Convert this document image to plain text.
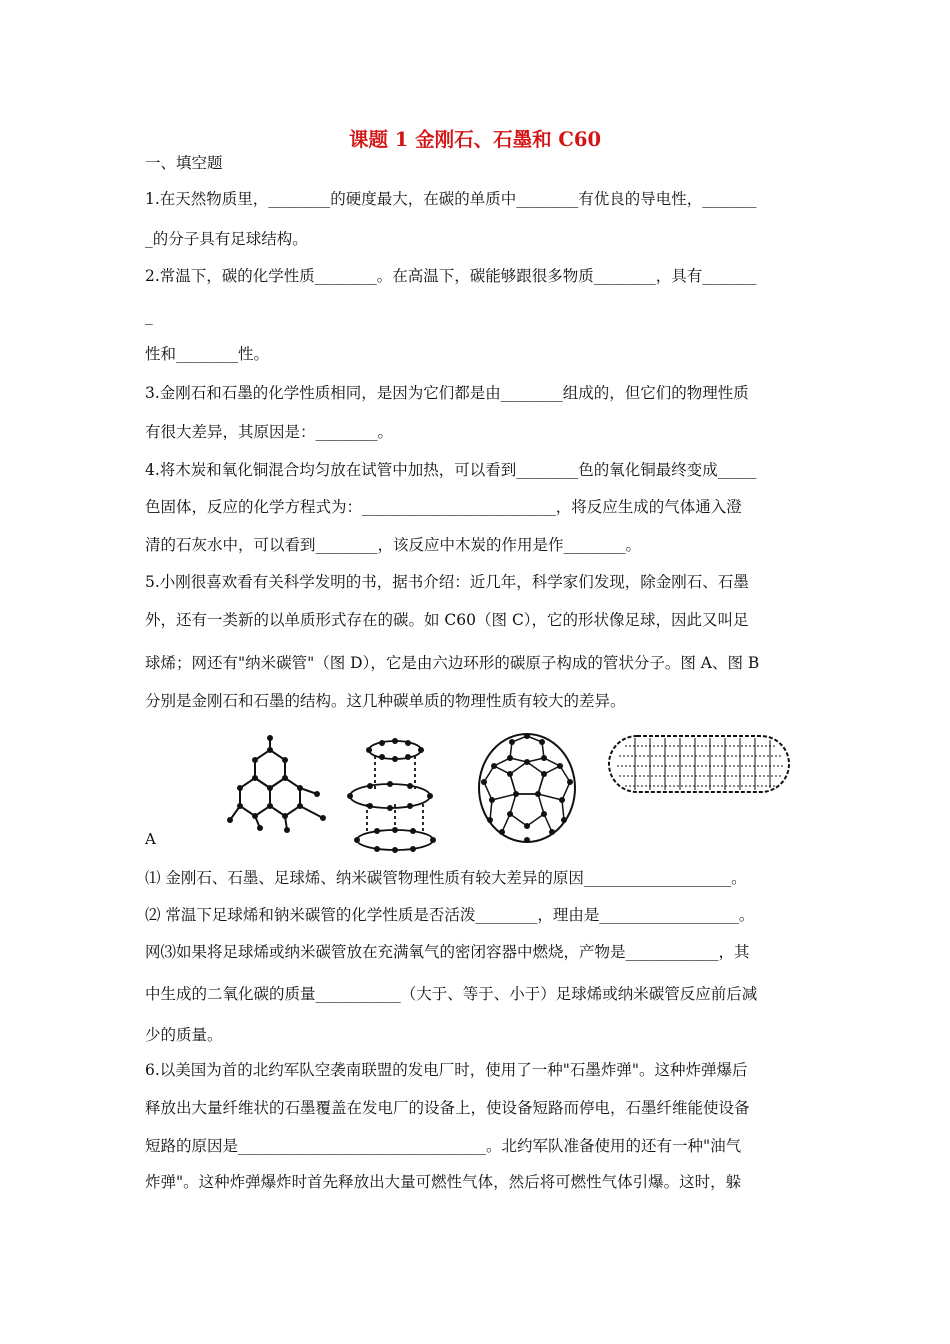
课题 1 金刚石、石墨和 C60
一、填空题
1.在天然物质里，________的硬度最大，在碳的单质中________有优良的导电性，_______
_的分子具有足球结构。
2.常温下，碳的化学性质________。在高温下，碳能够跟很多物质________，具有_______
_
性和________性。
3.金刚石和石墨的化学性质相同，是因为它们都是由________组成的，但它们的物理性质
有很大差异，其原因是：________。
4.将木炭和氧化铜混合均匀放在试管中加热，可以看到________色的氧化铜最终变成_____
色固体，反应的化学方程式为：_________________________，将反应生成的气体通入澄
清的石灰水中，可以看到________，该反应中木炭的作用是作________。
5.小刚很喜欢看有关科学发明的书，据书介绍：近几年，科学家们发现，除金刚石、石墨
外，还有一类新的以单质形式存在的碳。如 C60（图 C），它的形状像足球，因此又叫足
球烯；网还有"纳米碳管"（图 D），它是由六边环形的碳原子构成的管状分子。图 A、图 B
分别是金刚石和石墨的结构。这几种碳单质的物理性质有较大的差异。
A
⑴ 金刚石、石墨、足球烯、纳米碳管物理性质有较大差异的原因___________________。
⑵ 常温下足球烯和钠米碳管的化学性质是否活泼________，理由是__________________。
网⑶如果将足球烯或纳米碳管放在充满氧气的密闭容器中燃烧，产物是____________，其
中生成的二氧化碳的质量___________（大于、等于、小于）足球烯或纳米碳管反应前后减
少的质量。
6.以美国为首的北约军队空袭南联盟的发电厂时，使用了一种"石墨炸弹"。这种炸弹爆后
释放出大量纤维状的石墨覆盖在发电厂的设备上，使设备短路而停电，石墨纤维能使设备
短路的原因是________________________________。北约军队准备使用的还有一种"油气
炸弹"。这种炸弹爆炸时首先释放出大量可燃性气体，然后将可燃性气体引爆。这时，躲
